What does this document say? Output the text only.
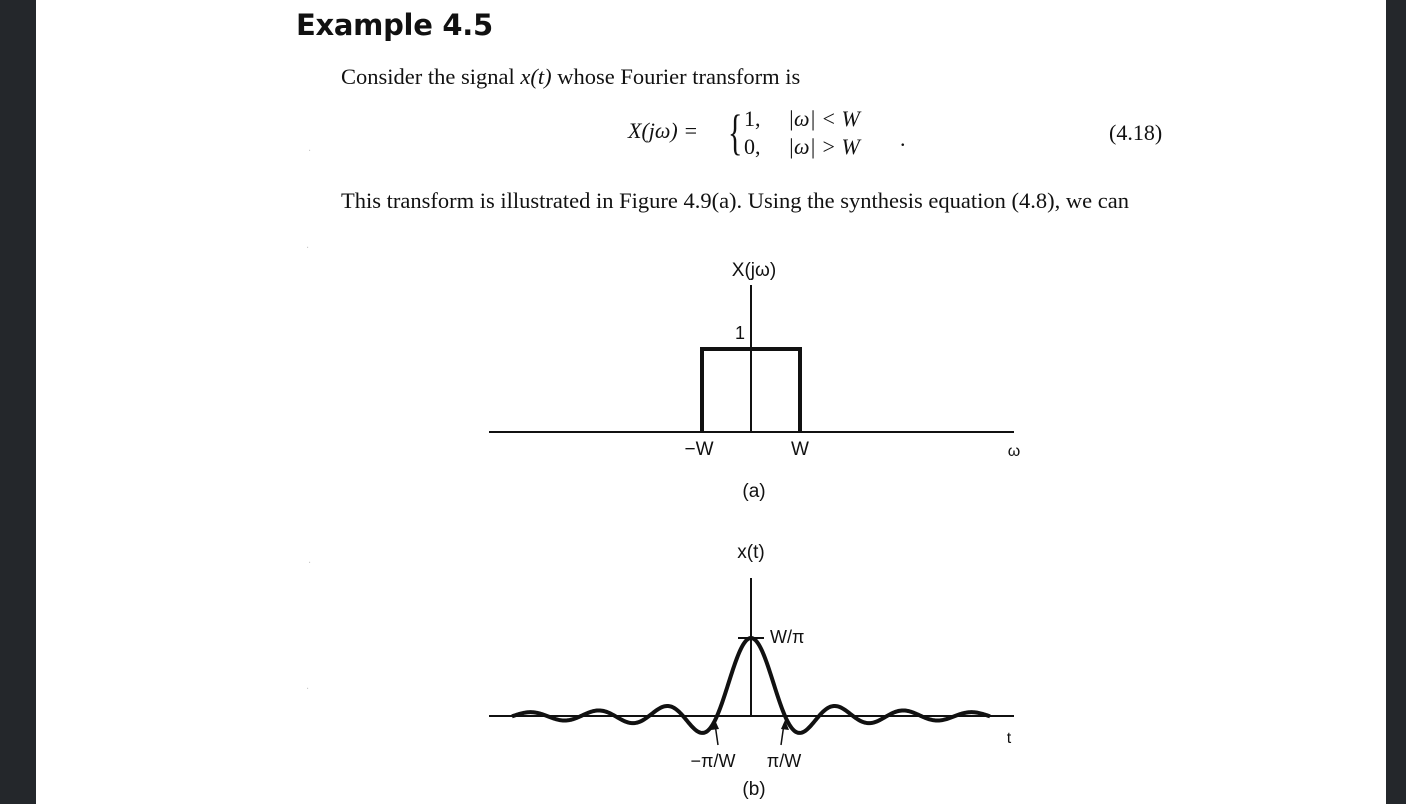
Example 4.5
Consider the signal x(t) whose Fourier transform is
X(jω) = { 1, |ω| < W
0, |ω| > W .	(4.18)
This transform is illustrated in Figure 4.9(a). Using the synthesis equation (4.8), we can
X(jω)
1
−W	W	ω
(a)
x(t)
W/π
−π/W π/W
t
(b)
·
·
·
·
